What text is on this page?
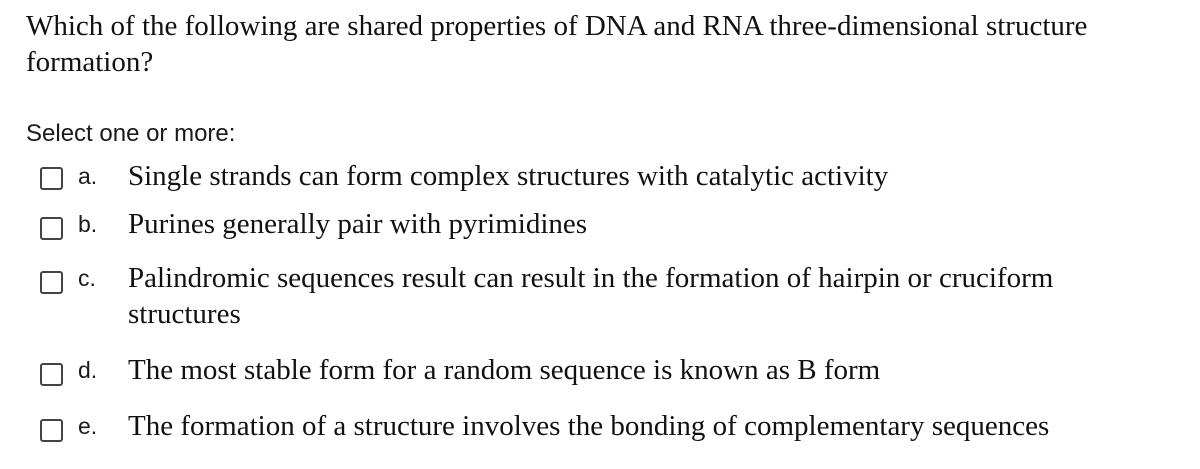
Which of the following are shared properties of DNA and RNA three-dimensional structure formation?

Select one or more:
a. Single strands can form complex structures with catalytic activity
b. Purines generally pair with pyrimidines
c. Palindromic sequences result can result in the formation of hairpin or cruciform structures
d. The most stable form for a random sequence is known as B form
e. The formation of a structure involves the bonding of complementary sequences
